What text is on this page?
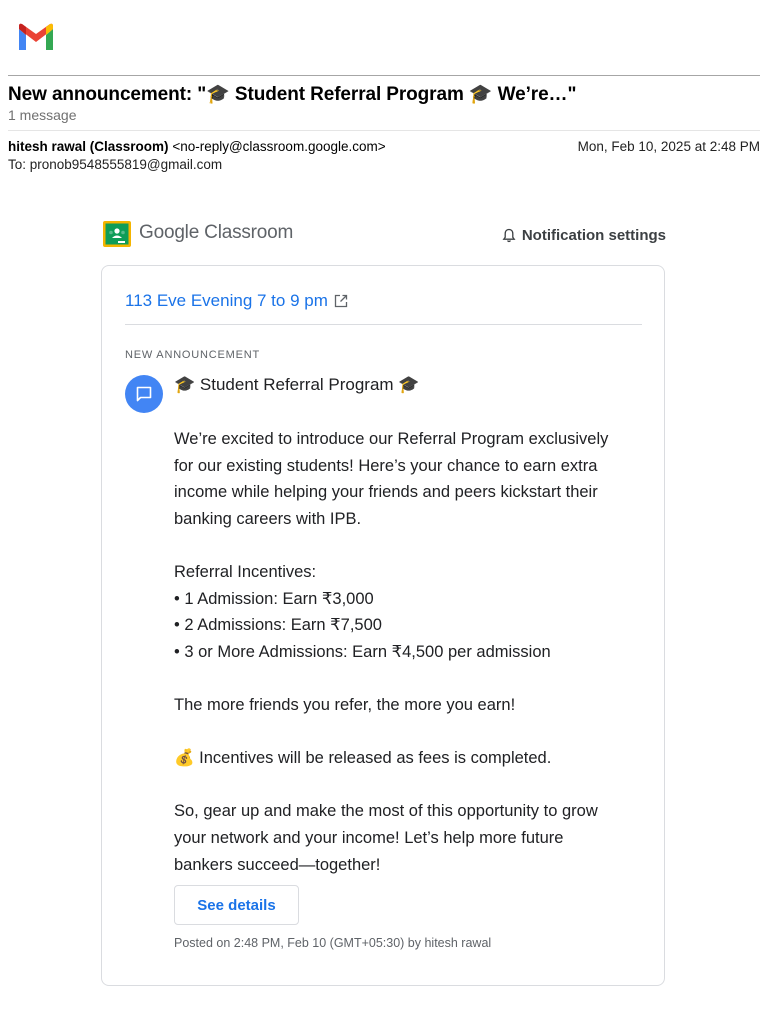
New announcement: "🎓 Student Referral Program 🎓 We’re…"
1 message
hitesh rawal (Classroom) <no-reply@classroom.google.com>	Mon, Feb 10, 2025 at 2:48 PM
To: pronob9548555819@gmail.com
Google Classroom	Notification settings
113 Eve Evening 7 to 9 pm
NEW ANNOUNCEMENT
🎓 Student Referral Program 🎓

We’re excited to introduce our Referral Program exclusively

for our existing students! Here’s your chance to earn extra

income while helping your friends and peers kickstart their

banking careers with IPB.

Referral Incentives:

• 1 Admission: Earn ₹3,000

• 2 Admissions: Earn ₹7,500

• 3 or More Admissions: Earn ₹4,500 per admission

The more friends you refer, the more you earn!

💰 Incentives will be released as fees is completed.

So, gear up and make the most of this opportunity to grow

your network and your income! Let’s help more future

bankers succeed—together!

See details
Posted on 2:48 PM, Feb 10 (GMT+05:30) by hitesh rawal
